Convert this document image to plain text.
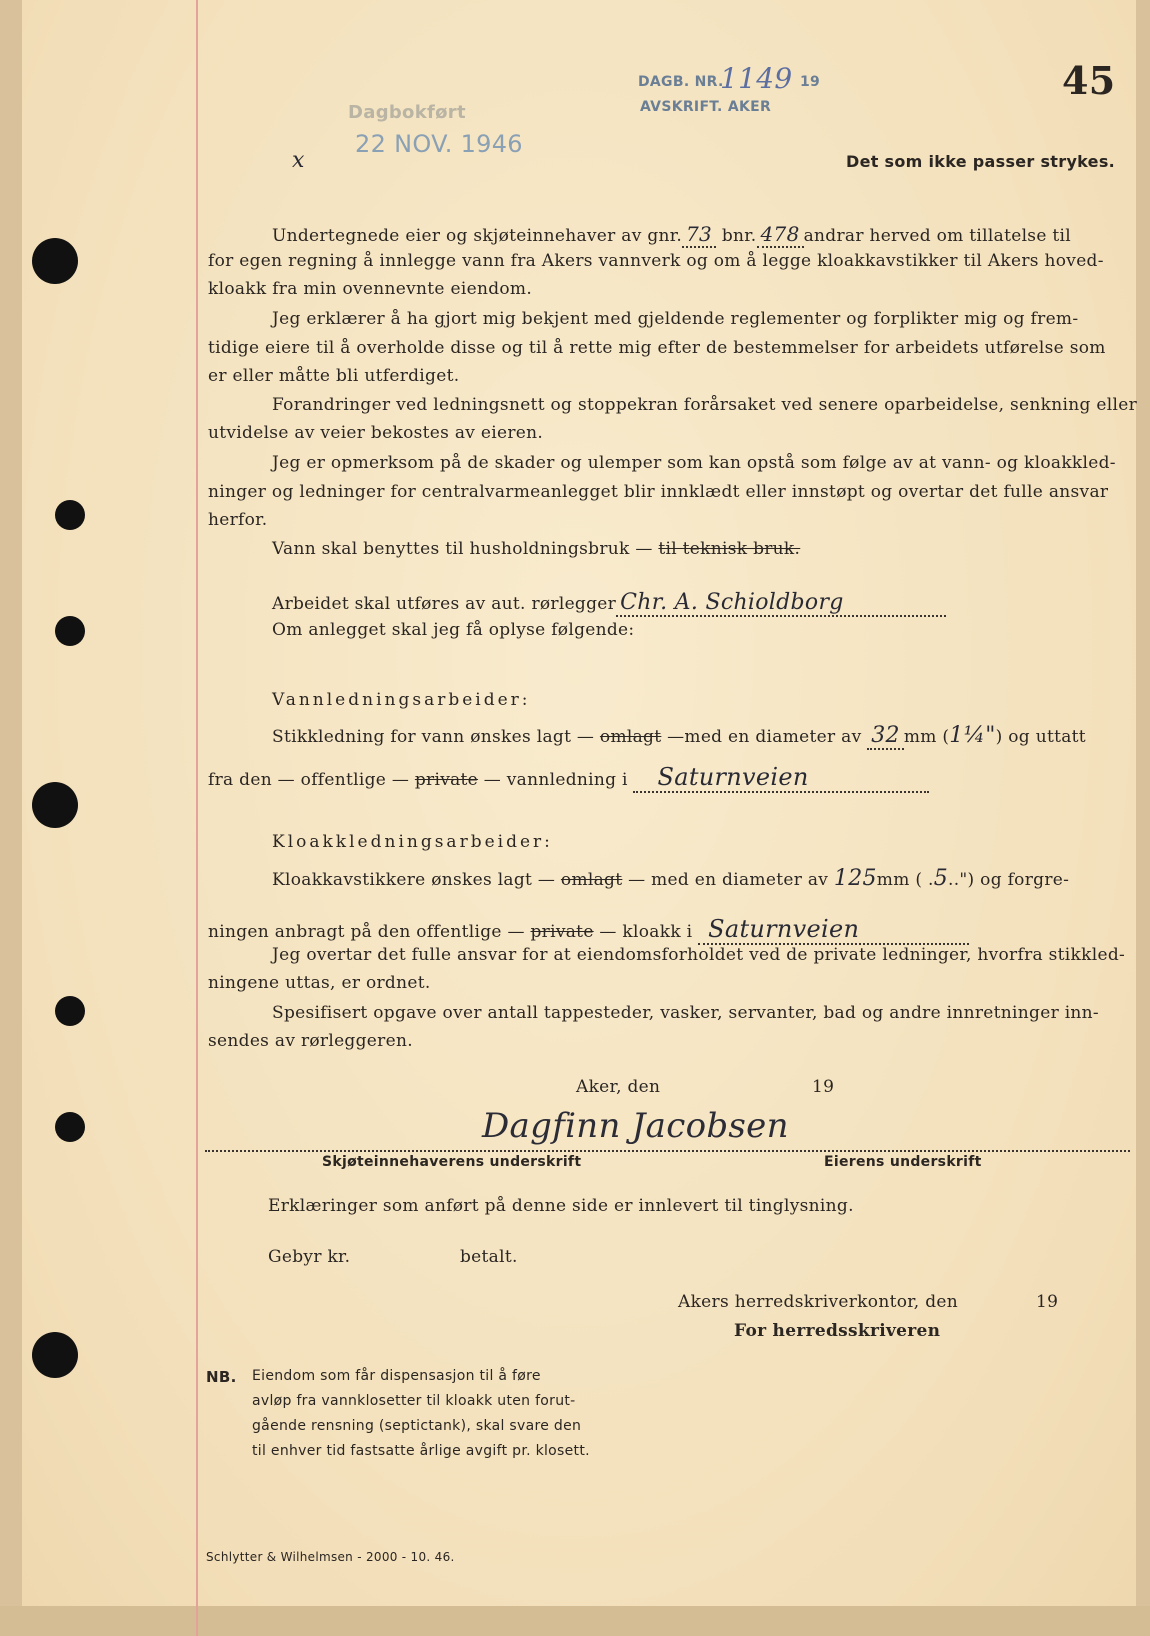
Dagbokført
22 NOV. 1946
DAGB. NR.
1149 19
AVSKRIFT. AKER
45
x	Det som ikke passer strykes.
Undertegnede eier og skjøteinnehaver av gnr. 73 bnr. 478 andrar herved om tillatelse til
for egen regning å innlegge vann fra Akers vannverk og om å legge kloakkavstikker til Akers hoved-
kloakk fra min ovennevnte eiendom.
Jeg erklærer å ha gjort mig bekjent med gjeldende reglementer og forplikter mig og frem-
tidige eiere til å overholde disse og til å rette mig efter de bestemmelser for arbeidets utførelse som
er eller måtte bli utferdiget.
Forandringer ved ledningsnett og stoppekran forårsaket ved senere oparbeidelse, senkning eller
utvidelse av veier bekostes av eieren.
Jeg er opmerksom på de skader og ulemper som kan opstå som følge av at vann- og kloakkled-
ninger og ledninger for centralvarmeanlegget blir innklædt eller innstøpt og overtar det fulle ansvar
herfor.
Vann skal benyttes til husholdningsbruk — til teknisk bruk.
Arbeidet skal utføres av aut. rørlegger Chr. A. Schioldborg
Om anlegget skal jeg få oplyse følgende:
Vannledningsarbeider:
Stikkledning for vann ønskes lagt — omlagt —med en diameter av 32 mm (1¼") og uttatt
fra den — offentlige — private — vannledning i Saturnveien
Kloakkledningsarbeider:
Kloakkavstikkere ønskes lagt — omlagt — med en diameter av 125mm ( .5..") og forgre-
ningen anbragt på den offentlige — private — kloakk i Saturnveien
Jeg overtar det fulle ansvar for at eiendomsforholdet ved de private ledninger, hvorfra stikkled-
ningene uttas, er ordnet.
Spesifisert opgave over antall tappesteder, vasker, servanter, bad og andre innretninger inn-
sendes av rørleggeren.
Aker, den	19
Dagfinn Jacobsen
Skjøteinnehaverens underskrift	Eierens underskrift
Erklæringer som anført på denne side er innlevert til tinglysning.
Gebyr kr.	betalt.
Akers herredskriverkontor, den	19
For herredsskriveren
NB. Eiendom som får dispensasjon til å føre
avløp fra vannklosetter til kloakk uten forut-
gående rensning (septictank), skal svare den
til enhver tid fastsatte årlige avgift pr. klosett.
Schlytter & Wilhelmsen - 2000 - 10. 46.
